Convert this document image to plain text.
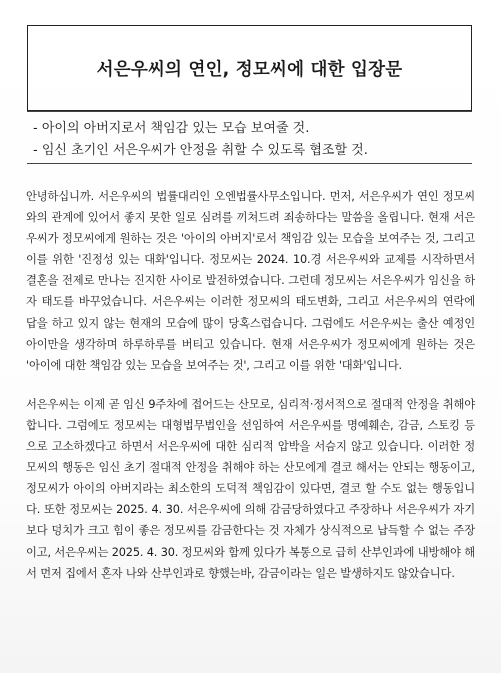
서은우씨의 연인, 정모씨에 대한 입장문
- 아이의 아버지로서 책임감 있는 모습 보여줄 것.
- 임신 초기인 서은우씨가 안정을 취할 수 있도록 협조할 것.

안녕하십니까. 서은우씨의 법률대리인 오엔법률사무소입니다. 먼저, 서은우씨가 연인 정모씨와의 관계에 있어서 좋지 못한 일로 심려를 끼쳐드려 죄송하다는 말씀을 올립니다. 현재 서은우씨가 정모씨에게 원하는 것은 '아이의 아버지'로서 책임감 있는 모습을 보여주는 것, 그리고 이를 위한 '진정성 있는 대화'입니다. 정모씨는 2024. 10.경 서은우씨와 교제를 시작하면서 결혼을 전제로 만나는 진지한 사이로 발전하였습니다. 그런데 정모씨는 서은우씨가 임신을 하자 태도를 바꾸었습니다. 서은우씨는 이러한 정모씨의 태도변화, 그리고 서은우씨의 연락에 답을 하고 있지 않는 현재의 모습에 많이 당혹스럽습니다. 그럼에도 서은우씨는 출산 예정인 아이만을 생각하며 하루하루를 버티고 있습니다. 현재 서은우씨가 정모씨에게 원하는 것은 '아이에 대한 책임감 있는 모습을 보여주는 것', 그리고 이를 위한 '대화'입니다.

서은우씨는 이제 곧 임신 9주차에 접어드는 산모로, 심리적·정서적으로 절대적 안정을 취해야 합니다. 그럼에도 정모씨는 대형법무법인을 선임하여 서은우씨를 명예훼손, 감금, 스토킹 등으로 고소하겠다고 하면서 서은우씨에 대한 심리적 압박을 서슴지 않고 있습니다. 이러한 정모씨의 행동은 임신 초기 절대적 안정을 취해야 하는 산모에게 결코 해서는 안되는 행동이고, 정모씨가 아이의 아버지라는 최소한의 도덕적 책임감이 있다면, 결코 할 수도 없는 행동입니다. 또한 정모씨는 2025. 4. 30. 서은우씨에 의해 감금당하였다고 주장하나 서은우씨가 자기보다 덩치가 크고 힘이 좋은 정모씨를 감금한다는 것 자체가 상식적으로 납득할 수 없는 주장이고, 서은우씨는 2025. 4. 30. 정모씨와 함께 있다가 복통으로 급히 산부인과에 내방해야 해서 먼저 집에서 혼자 나와 산부인과로 향했는바, 감금이라는 일은 발생하지도 않았습니다.
